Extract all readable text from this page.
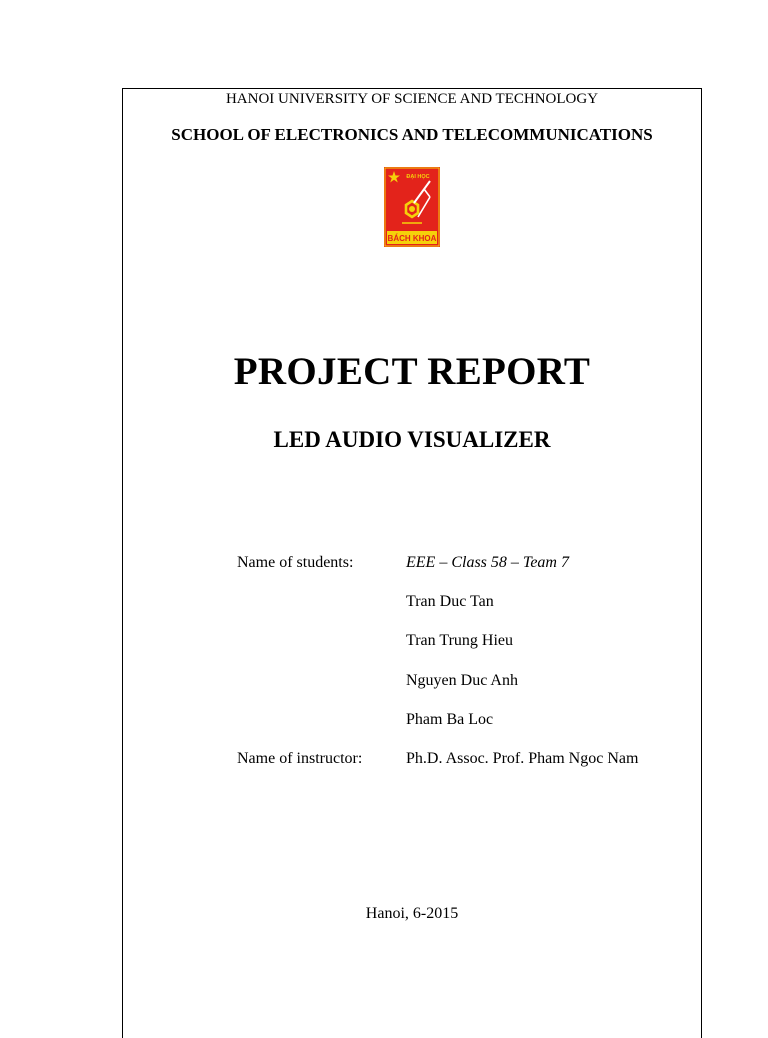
HANOI UNIVERSITY OF SCIENCE AND TECHNOLOGY
SCHOOL OF ELECTRONICS AND TELECOMMUNICATIONS
ĐẠI HỌC
BÁCH KHOA
PROJECT REPORT
LED AUDIO VISUALIZER
Name of students:	EEE – Class 58 – Team 7
Tran Duc Tan
Tran Trung Hieu
Nguyen Duc Anh
Pham Ba Loc
Name of instructor:	Ph.D. Assoc. Prof. Pham Ngoc Nam
Hanoi, 6-2015
